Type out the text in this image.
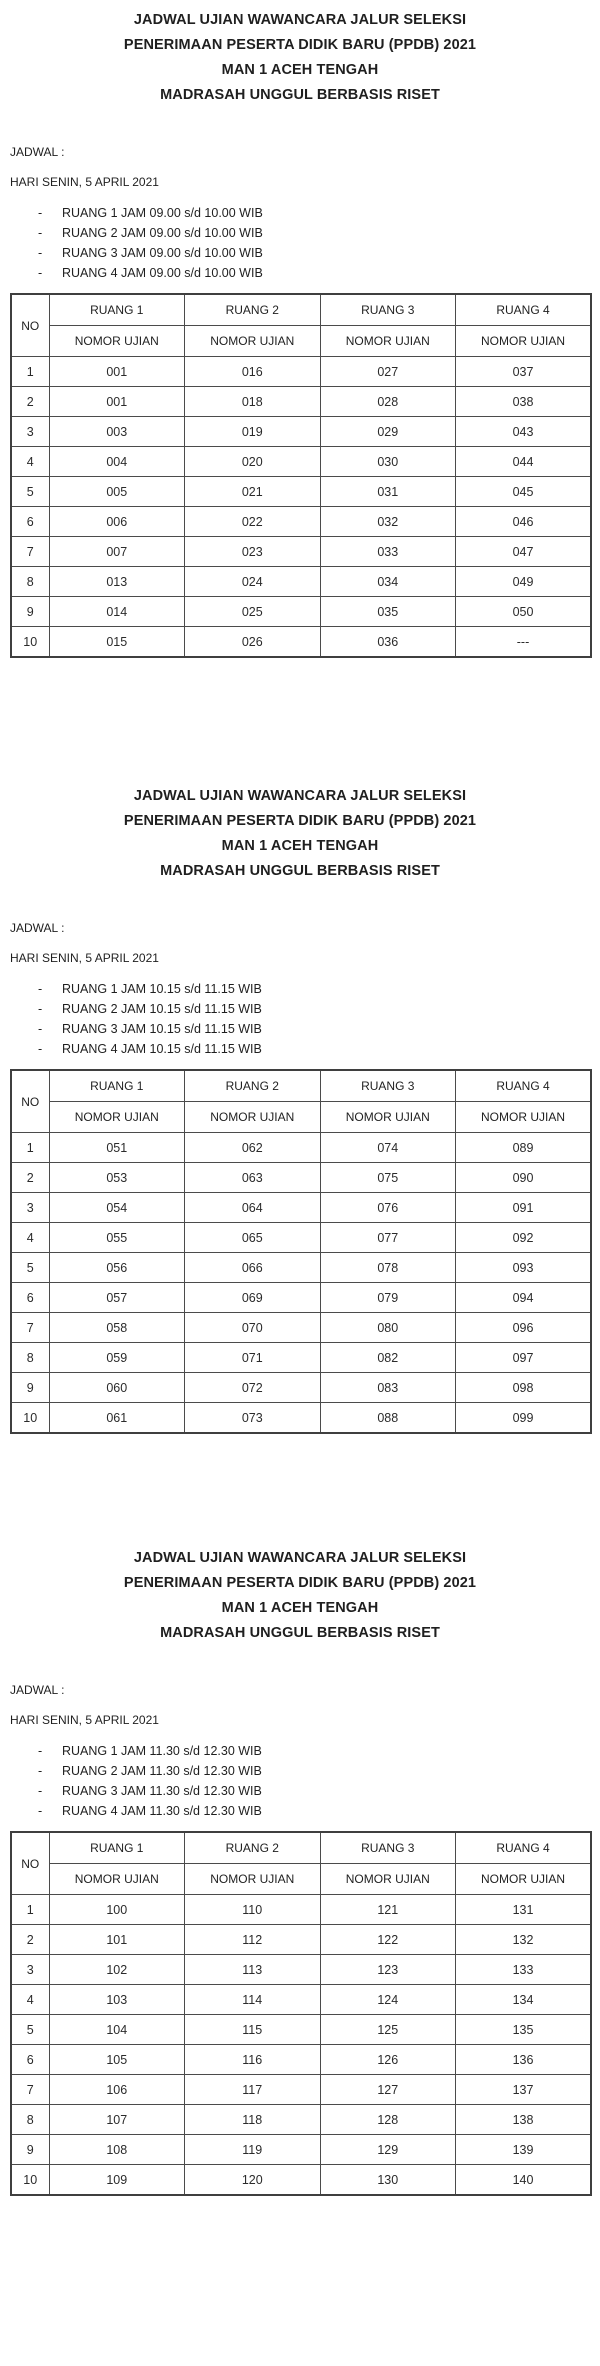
JADWAL UJIAN WAWANCARA JALUR SELEKSI
PENERIMAAN PESERTA DIDIK BARU (PPDB) 2021
MAN 1 ACEH TENGAH
MADRASAH UNGGUL BERBASIS RISET
JADWAL :
HARI SENIN, 5 APRIL 2021
-
RUANG 1 JAM 09.00 s/d 10.00 WIB
-
RUANG 2 JAM 09.00 s/d 10.00 WIB
-
RUANG 3 JAM 09.00 s/d 10.00 WIB
-
RUANG 4 JAM 09.00 s/d 10.00 WIB
NO	RUANG 1	RUANG 2	RUANG 3	RUANG 4
	NOMOR UJIAN	NOMOR UJIAN	NOMOR UJIAN	NOMOR UJIAN
1	001	016	027	037
2	001	018	028	038
3	003	019	029	043
4	004	020	030	044
5	005	021	031	045
6	006	022	032	046
7	007	023	033	047
8	013	024	034	049
9	014	025	035	050
10	015	026	036	---
JADWAL UJIAN WAWANCARA JALUR SELEKSI
PENERIMAAN PESERTA DIDIK BARU (PPDB) 2021
MAN 1 ACEH TENGAH
MADRASAH UNGGUL BERBASIS RISET
JADWAL :
HARI SENIN, 5 APRIL 2021
-
RUANG 1 JAM 10.15 s/d 11.15 WIB
-
RUANG 2 JAM 10.15 s/d 11.15 WIB
-
RUANG 3 JAM 10.15 s/d 11.15 WIB
-
RUANG 4 JAM 10.15 s/d 11.15 WIB
NO	RUANG 1	RUANG 2	RUANG 3	RUANG 4
	NOMOR UJIAN	NOMOR UJIAN	NOMOR UJIAN	NOMOR UJIAN
1	051	062	074	089
2	053	063	075	090
3	054	064	076	091
4	055	065	077	092
5	056	066	078	093
6	057	069	079	094
7	058	070	080	096
8	059	071	082	097
9	060	072	083	098
10	061	073	088	099
JADWAL UJIAN WAWANCARA JALUR SELEKSI
PENERIMAAN PESERTA DIDIK BARU (PPDB) 2021
MAN 1 ACEH TENGAH
MADRASAH UNGGUL BERBASIS RISET
JADWAL :
HARI SENIN, 5 APRIL 2021
-
RUANG 1 JAM 11.30 s/d 12.30 WIB
-
RUANG 2 JAM 11.30 s/d 12.30 WIB
-
RUANG 3 JAM 11.30 s/d 12.30 WIB
-
RUANG 4 JAM 11.30 s/d 12.30 WIB
NO	RUANG 1	RUANG 2	RUANG 3	RUANG 4
	NOMOR UJIAN	NOMOR UJIAN	NOMOR UJIAN	NOMOR UJIAN
1	100	110	121	131
2	101	112	122	132
3	102	113	123	133
4	103	114	124	134
5	104	115	125	135
6	105	116	126	136
7	106	117	127	137
8	107	118	128	138
9	108	119	129	139
10	109	120	130	140
